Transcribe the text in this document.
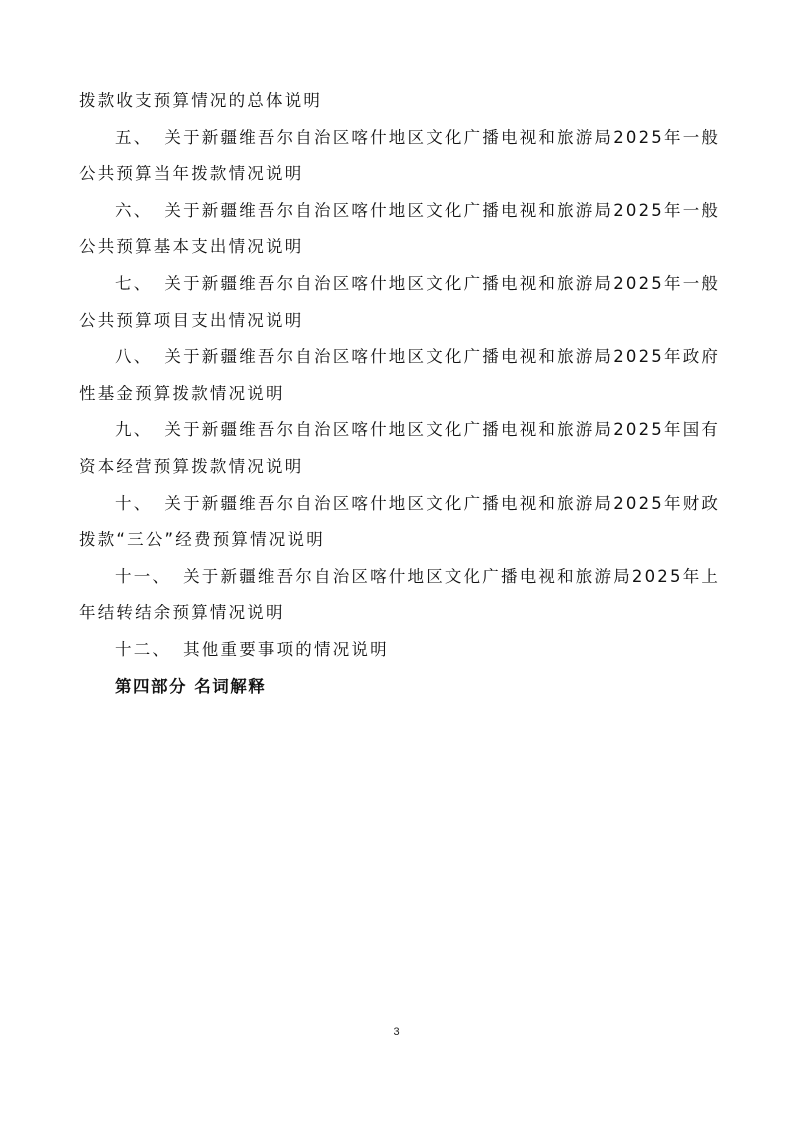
拨款收支预算情况的总体说明
五、 关于新疆维吾尔自治区喀什地区文化广播电视和旅游局2025年一般
公共预算当年拨款情况说明
六、 关于新疆维吾尔自治区喀什地区文化广播电视和旅游局2025年一般
公共预算基本支出情况说明
七、 关于新疆维吾尔自治区喀什地区文化广播电视和旅游局2025年一般
公共预算项目支出情况说明
八、 关于新疆维吾尔自治区喀什地区文化广播电视和旅游局2025年政府
性基金预算拨款情况说明
九、 关于新疆维吾尔自治区喀什地区文化广播电视和旅游局2025年国有
资本经营预算拨款情况说明
十、 关于新疆维吾尔自治区喀什地区文化广播电视和旅游局2025年财政
拨款“三公”经费预算情况说明
十一、 关于新疆维吾尔自治区喀什地区文化广播电视和旅游局2025年上
年结转结余预算情况说明
十二、 其他重要事项的情况说明
第四部分 名词解释
3
